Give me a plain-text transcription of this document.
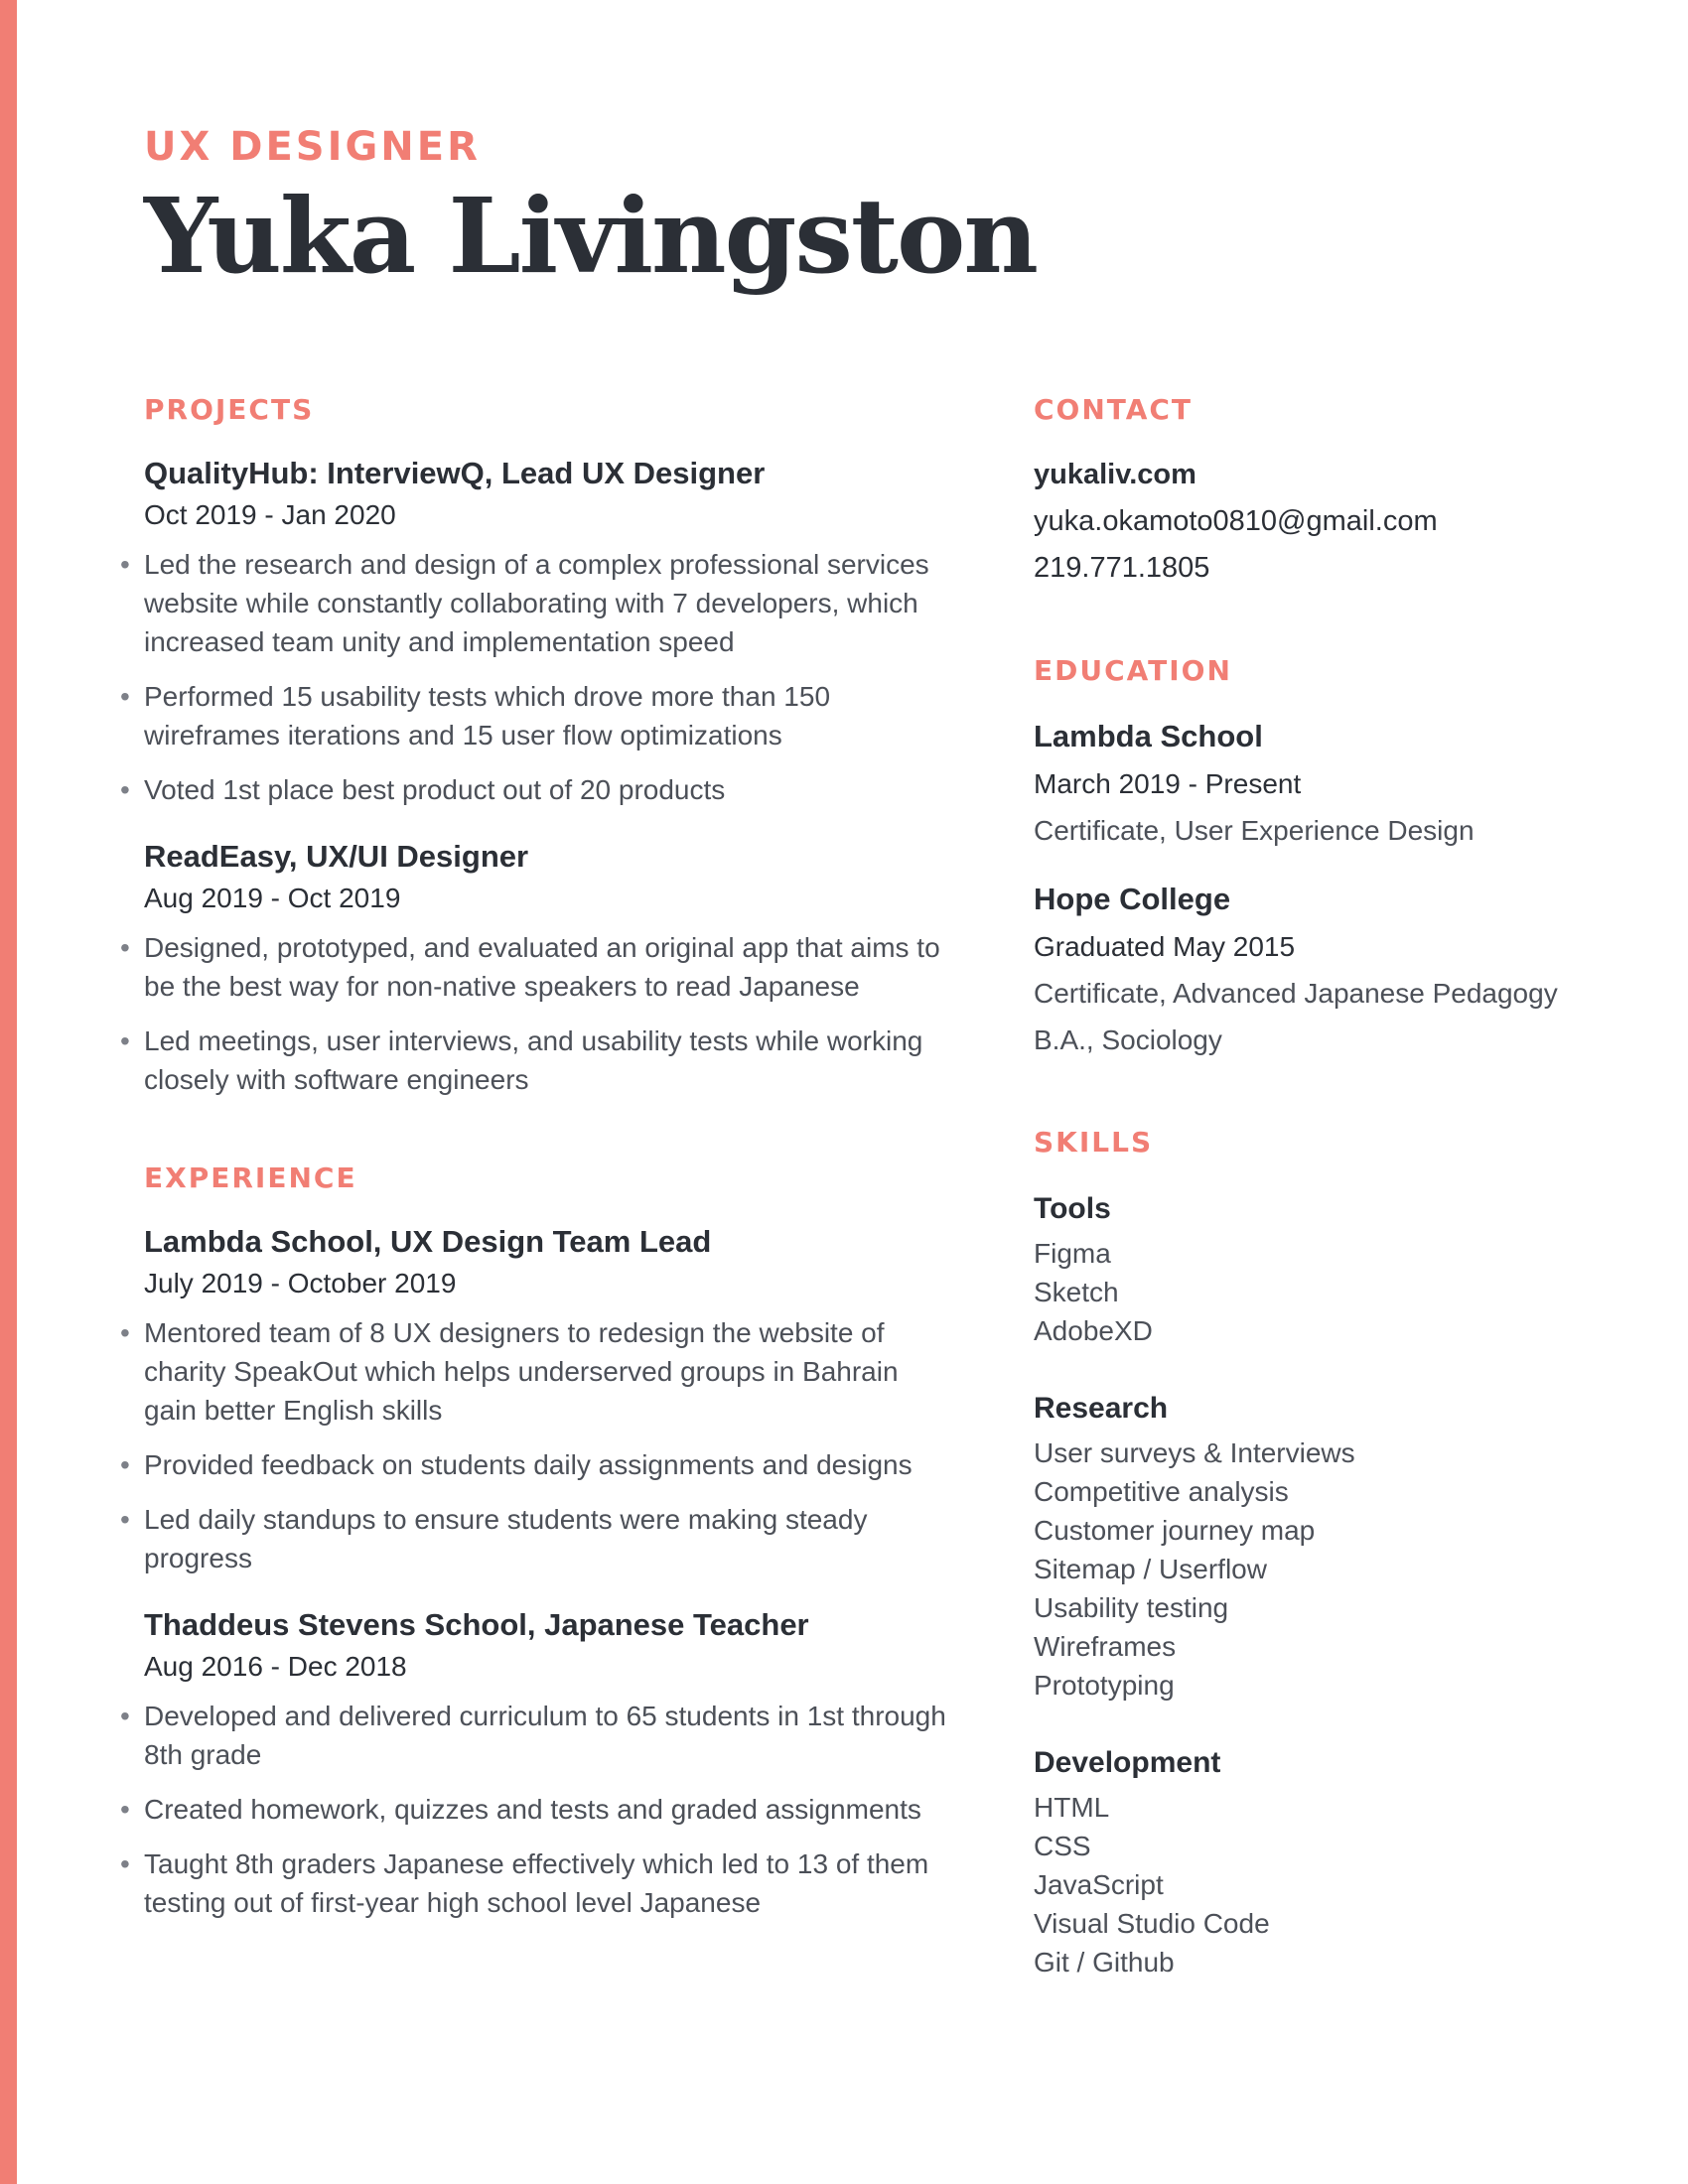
UX DESIGNER
Yuka Livingston
PROJECTS
QualityHub: InterviewQ, Lead UX Designer
Oct 2019 - Jan 2020
• Led the research and design of a complex professional services website while constantly collaborating with 7 developers, which increased team unity and implementation speed
• Performed 15 usability tests which drove more than 150 wireframes iterations and 15 user flow optimizations
• Voted 1st place best product out of 20 products
ReadEasy, UX/UI Designer
Aug 2019 - Oct 2019
• Designed, prototyped, and evaluated an original app that aims to be the best way for non-native speakers to read Japanese
• Led meetings, user interviews, and usability tests while working closely with software engineers
EXPERIENCE
Lambda School, UX Design Team Lead
July 2019 - October 2019
• Mentored team of 8 UX designers to redesign the website of charity SpeakOut which helps underserved groups in Bahrain gain better English skills
• Provided feedback on students daily assignments and designs
• Led daily standups to ensure students were making steady progress
Thaddeus Stevens School, Japanese Teacher
Aug 2016 - Dec 2018
• Developed and delivered curriculum to 65 students in 1st through 8th grade
• Created homework, quizzes and tests and graded assignments
• Taught 8th graders Japanese effectively which led to 13 of them testing out of first-year high school level Japanese
CONTACT
yukaliv.com
yuka.okamoto0810@gmail.com
219.771.1805
EDUCATION
Lambda School
March 2019 - Present
Certificate, User Experience Design
Hope College
Graduated May 2015
Certificate, Advanced Japanese Pedagogy
B.A., Sociology
SKILLS
Tools
Figma
Sketch
AdobeXD
Research
User surveys & Interviews
Competitive analysis
Customer journey map
Sitemap / Userflow
Usability testing
Wireframes
Prototyping
Development
HTML
CSS
JavaScript
Visual Studio Code
Git / Github
